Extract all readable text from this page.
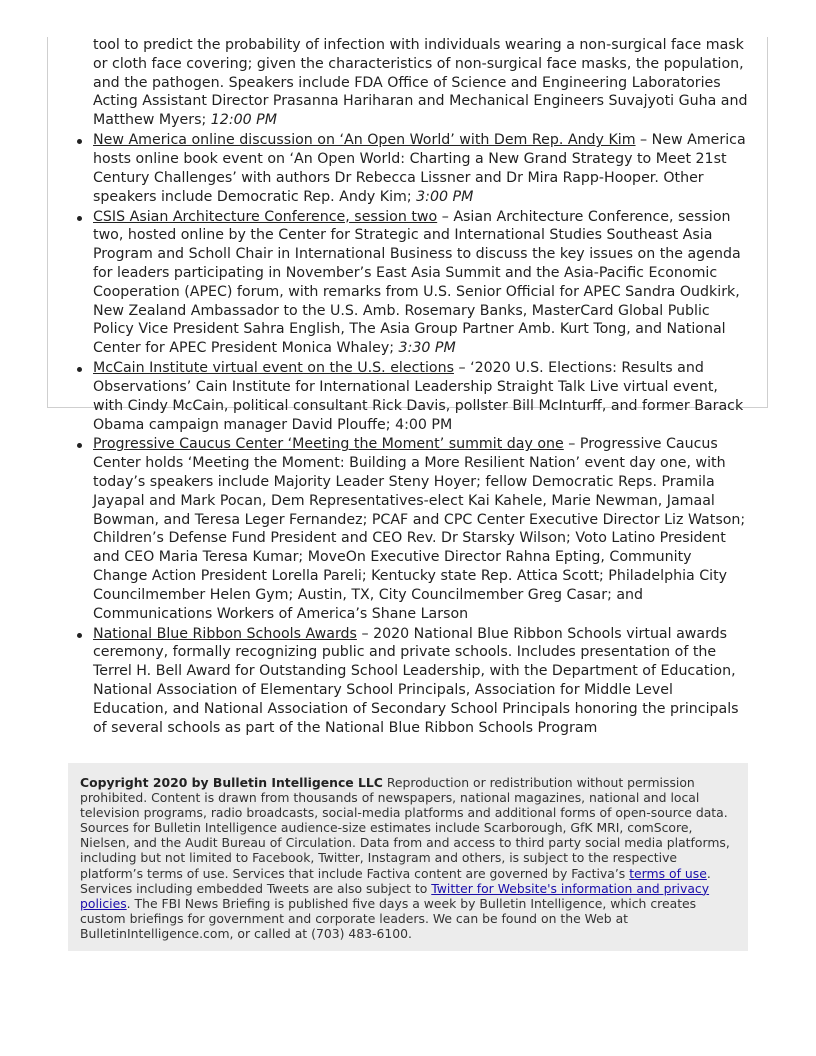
tool to predict the probability of infection with individuals wearing a non-surgical face mask or cloth face covering; given the characteristics of non-surgical face masks, the population, and the pathogen. Speakers include FDA Office of Science and Engineering Laboratories Acting Assistant Director Prasanna Hariharan and Mechanical Engineers Suvajyoti Guha and Matthew Myers; 12:00 PM
New America online discussion on ‘An Open World’ with Dem Rep. Andy Kim – New America hosts online book event on ‘An Open World: Charting a New Grand Strategy to Meet 21st Century Challenges’ with authors Dr Rebecca Lissner and Dr Mira Rapp-Hooper. Other speakers include Democratic Rep. Andy Kim; 3:00 PM
CSIS Asian Architecture Conference, session two – Asian Architecture Conference, session two, hosted online by the Center for Strategic and International Studies Southeast Asia Program and Scholl Chair in International Business to discuss the key issues on the agenda for leaders participating in November’s East Asia Summit and the Asia-Pacific Economic Cooperation (APEC) forum, with remarks from U.S. Senior Official for APEC Sandra Oudkirk, New Zealand Ambassador to the U.S. Amb. Rosemary Banks, MasterCard Global Public Policy Vice President Sahra English, The Asia Group Partner Amb. Kurt Tong, and National Center for APEC President Monica Whaley; 3:30 PM
McCain Institute virtual event on the U.S. elections – ‘2020 U.S. Elections: Results and Observations’ Cain Institute for International Leadership Straight Talk Live virtual event, with Cindy McCain, political consultant Rick Davis, pollster Bill McInturff, and former Barack Obama campaign manager David Plouffe; 4:00 PM
Progressive Caucus Center ‘Meeting the Moment’ summit day one – Progressive Caucus Center holds ‘Meeting the Moment: Building a More Resilient Nation’ event day one, with today’s speakers include Majority Leader Steny Hoyer; fellow Democratic Reps. Pramila Jayapal and Mark Pocan, Dem Representatives-elect Kai Kahele, Marie Newman, Jamaal Bowman, and Teresa Leger Fernandez; PCAF and CPC Center Executive Director Liz Watson; Children’s Defense Fund President and CEO Rev. Dr Starsky Wilson; Voto Latino President and CEO Maria Teresa Kumar; MoveOn Executive Director Rahna Epting, Community Change Action President Lorella Pareli; Kentucky state Rep. Attica Scott; Philadelphia City Councilmember Helen Gym; Austin, TX, City Councilmember Greg Casar; and Communications Workers of America’s Shane Larson
National Blue Ribbon Schools Awards – 2020 National Blue Ribbon Schools virtual awards ceremony, formally recognizing public and private schools. Includes presentation of the Terrel H. Bell Award for Outstanding School Leadership, with the Department of Education, National Association of Elementary School Principals, Association for Middle Level Education, and National Association of Secondary School Principals honoring the principals of several schools as part of the National Blue Ribbon Schools Program
Copyright 2020 by Bulletin Intelligence LLC Reproduction or redistribution without permission prohibited. Content is drawn from thousands of newspapers, national magazines, national and local television programs, radio broadcasts, social-media platforms and additional forms of open-source data. Sources for Bulletin Intelligence audience-size estimates include Scarborough, GfK MRI, comScore, Nielsen, and the Audit Bureau of Circulation. Data from and access to third party social media platforms, including but not limited to Facebook, Twitter, Instagram and others, is subject to the respective platform’s terms of use. Services that include Factiva content are governed by Factiva’s terms of use. Services including embedded Tweets are also subject to Twitter for Website's information and privacy policies. The FBI News Briefing is published five days a week by Bulletin Intelligence, which creates custom briefings for government and corporate leaders. We can be found on the Web at BulletinIntelligence.com, or called at (703) 483-6100.
